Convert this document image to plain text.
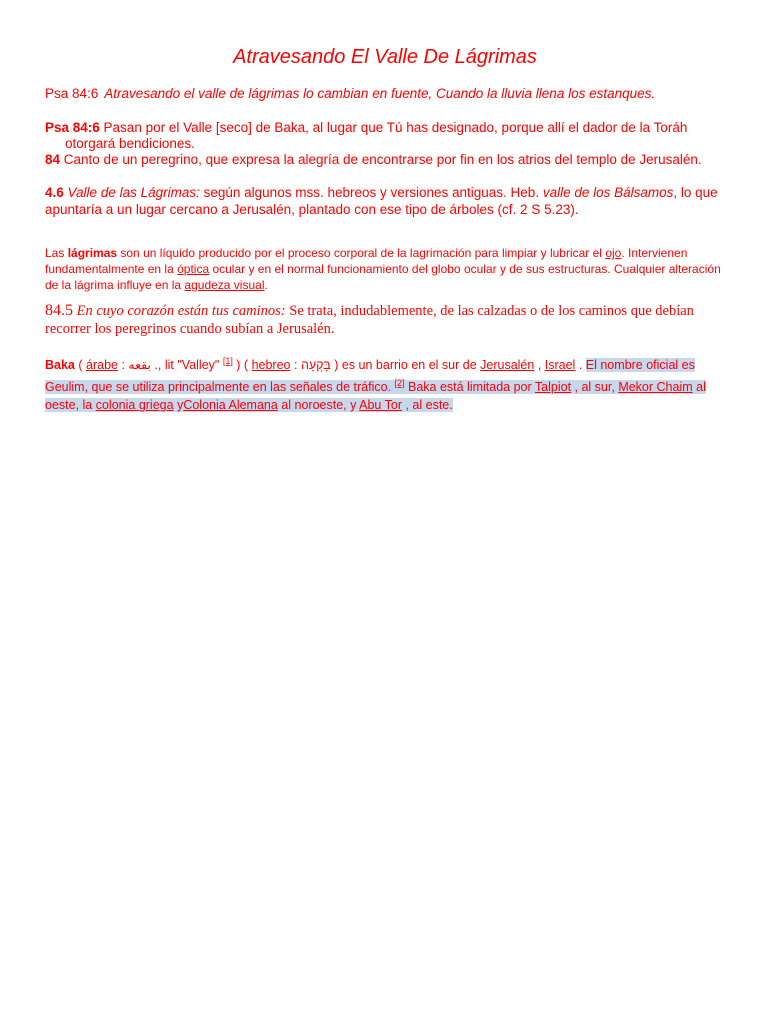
Atravesando El Valle De Lágrimas

Psa 84:6 Atravesando el valle de lágrimas lo cambian en fuente, Cuando la lluvia llena los estanques.

Psa 84:6 Pasan por el Valle [seco] de Baka, al lugar que Tú has designado, porque allí el dador de la Toráh
otorgará bendiciones.
84 Canto de un peregrino, que expresa la alegría de encontrarse por fin en los atrios del templo de Jerusalén.

4.6 Valle de las Lágrimas: según algunos mss. hebreos y versiones antiguas. Heb. valle de los Bálsamos, lo que apuntaría a un lugar cercano a Jerusalén, plantado con ese tipo de árboles (cf. 2 S 5.23).

Las lágrimas son un líquido producido por el proceso corporal de la lagrimación para limpiar y lubricar el ojo. Intervienen fundamentalmente en la óptica ocular y en el normal funcionamiento del globo ocular y de sus estructuras. Cualquier alteración de la lágrima influye en la agudeza visual.

84.5 En cuyo corazón están tus caminos: Se trata, indudablemente, de las calzadas o de los caminos que debían recorrer los peregrinos cuando subían a Jerusalén.

Baka ( árabe : بقعه ., lit "Valley" [1] ) ( hebreo : בָּקְעָה ) es un barrio en el sur de Jerusalén , Israel . El nombre oficial es Geulim, que se utiliza principalmente en las señales de tráfico. [2] Baka está limitada por Talpiot , al sur, Mekor Chaim al oeste, la colonia griega yColonia Alemana al noroeste, y Abu Tor , al este.
